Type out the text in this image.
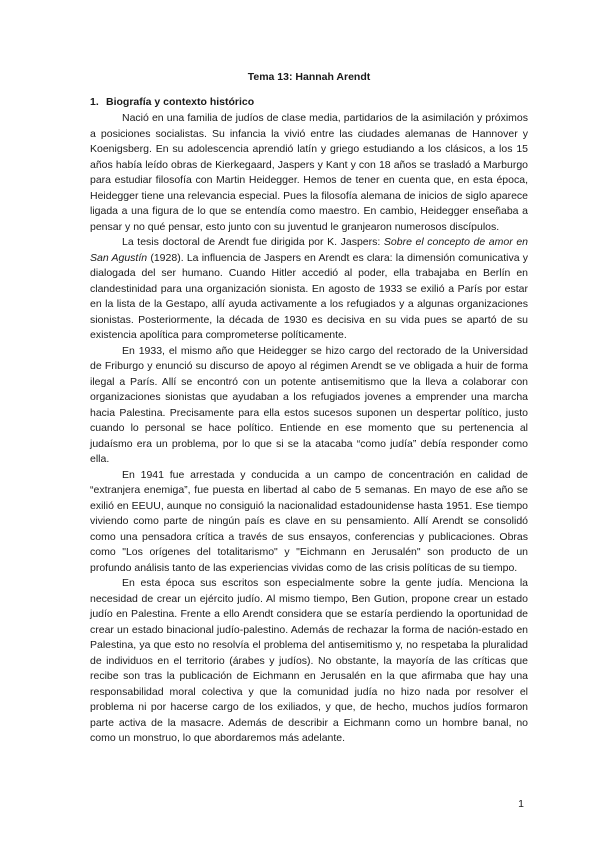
Tema 13: Hannah Arendt
1. Biografía y contexto histórico

Nació en una familia de judíos de clase media, partidarios de la asimilación y próximos a posiciones socialistas. Su infancia la vivió entre las ciudades alemanas de Hannover y Koenigsberg. En su adolescencia aprendió latín y griego estudiando a los clásicos, a los 15 años había leído obras de Kierkegaard, Jaspers y Kant y con 18 años se trasladó a Marburgo para estudiar filosofía con Martin Heidegger. Hemos de tener en cuenta que, en esta época, Heidegger tiene una relevancia especial. Pues la filosofía alemana de inicios de siglo aparece ligada a una figura de lo que se entendía como maestro. En cambio, Heidegger enseñaba a pensar y no qué pensar, esto junto con su juventud le granjearon numerosos discípulos.

La tesis doctoral de Arendt fue dirigida por K. Jaspers: Sobre el concepto de amor en San Agustín (1928). La influencia de Jaspers en Arendt es clara: la dimensión comunicativa y dialogada del ser humano. Cuando Hitler accedió al poder, ella trabajaba en Berlín en clandestinidad para una organización sionista. En agosto de 1933 se exilió a París por estar en la lista de la Gestapo, allí ayuda activamente a los refugiados y a algunas organizaciones sionistas. Posteriormente, la década de 1930 es decisiva en su vida pues se apartó de su existencia apolítica para comprometerse políticamente.

En 1933, el mismo año que Heidegger se hizo cargo del rectorado de la Universidad de Friburgo y enunció su discurso de apoyo al régimen Arendt se ve obligada a huir de forma ilegal a París. Allí se encontró con un potente antisemitismo que la lleva a colaborar con organizaciones sionistas que ayudaban a los refugiados jovenes a emprender una marcha hacia Palestina. Precisamente para ella estos sucesos suponen un despertar político, justo cuando lo personal se hace político. Entiende en ese momento que su pertenencia al judaísmo era un problema, por lo que si se la atacaba “como judía” debía responder como ella.

En 1941 fue arrestada y conducida a un campo de concentración en calidad de “extranjera enemiga”, fue puesta en libertad al cabo de 5 semanas. En mayo de ese año se exilió en EEUU, aunque no consiguió la nacionalidad estadounidense hasta 1951. Ese tiempo viviendo como parte de ningún país es clave en su pensamiento. Allí Arendt se consolidó como una pensadora crítica a través de sus ensayos, conferencias y publicaciones. Obras como "Los orígenes del totalitarismo" y "Eichmann en Jerusalén" son producto de un profundo análisis tanto de las experiencias vividas como de las crisis políticas de su tiempo.

En esta época sus escritos son especialmente sobre la gente judía. Menciona la necesidad de crear un ejército judío. Al mismo tiempo, Ben Gution, propone crear un estado judío en Palestina. Frente a ello Arendt considera que se estaría perdiendo la oportunidad de crear un estado binacional judío-palestino. Además de rechazar la forma de nación-estado en Palestina, ya que esto no resolvía el problema del antisemitismo y, no respetaba la pluralidad de individuos en el territorio (árabes y judíos). No obstante, la mayoría de las críticas que recibe son tras la publicación de Eichmann en Jerusalén en la que afirmaba que hay una responsabilidad moral colectiva y que la comunidad judía no hizo nada por resolver el problema ni por hacerse cargo de los exiliados, y que, de hecho, muchos judíos formaron parte activa de la masacre. Además de describir a Eichmann como un hombre banal, no como un monstruo, lo que abordaremos más adelante.

1
